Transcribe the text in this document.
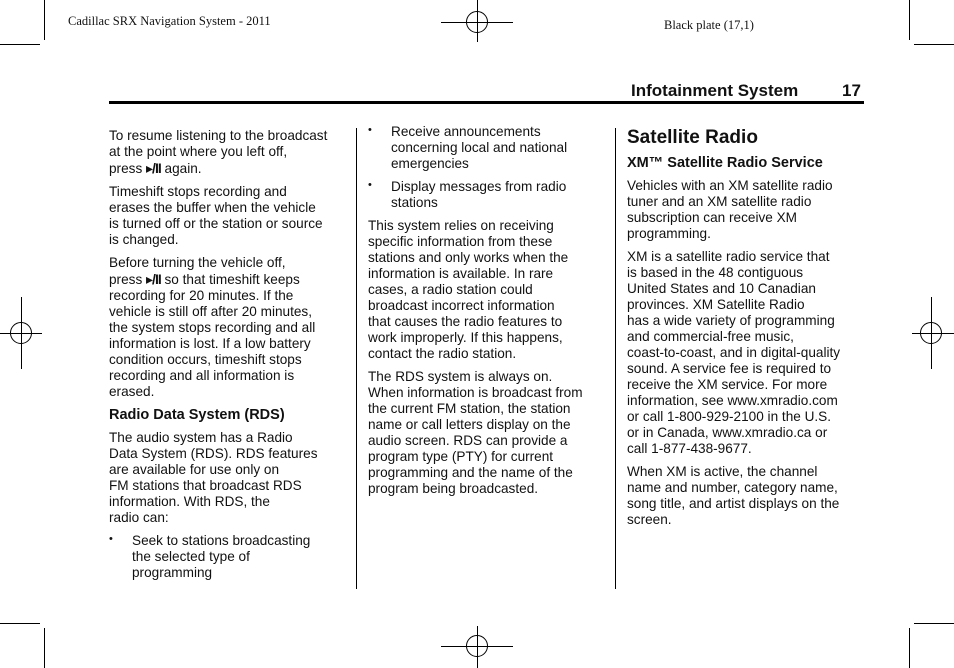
Cadillac SRX Navigation System - 2011	Black plate (17,1)
Infotainment System	17

To resume listening to the broadcast
at the point where you left off,
press ▸/II again.

Timeshift stops recording and
erases the buffer when the vehicle
is turned off or the station or source
is changed.

Before turning the vehicle off,
press ▸/II so that timeshift keeps
recording for 20 minutes. If the
vehicle is still off after 20 minutes,
the system stops recording and all
information is lost. If a low battery
condition occurs, timeshift stops
recording and all information is
erased.

Radio Data System (RDS)

The audio system has a Radio
Data System (RDS). RDS features
are available for use only on
FM stations that broadcast RDS
information. With RDS, the
radio can:

• Seek to stations broadcasting
the selected type of
programming
• Receive announcements
concerning local and national
emergencies
• Display messages from radio
stations

This system relies on receiving
specific information from these
stations and only works when the
information is available. In rare
cases, a radio station could
broadcast incorrect information
that causes the radio features to
work improperly. If this happens,
contact the radio station.

The RDS system is always on.
When information is broadcast from
the current FM station, the station
name or call letters display on the
audio screen. RDS can provide a
program type (PTY) for current
programming and the name of the
program being broadcasted.

Satellite Radio
XM™ Satellite Radio Service

Vehicles with an XM satellite radio
tuner and an XM satellite radio
subscription can receive XM
programming.

XM is a satellite radio service that
is based in the 48 contiguous
United States and 10 Canadian
provinces. XM Satellite Radio
has a wide variety of programming
and commercial-free music,
coast-to-coast, and in digital-quality
sound. A service fee is required to
receive the XM service. For more
information, see www.xmradio.com
or call 1-800-929-2100 in the U.S.
or in Canada, www.xmradio.ca or
call 1-877-438-9677.

When XM is active, the channel
name and number, category name,
song title, and artist displays on the
screen.
